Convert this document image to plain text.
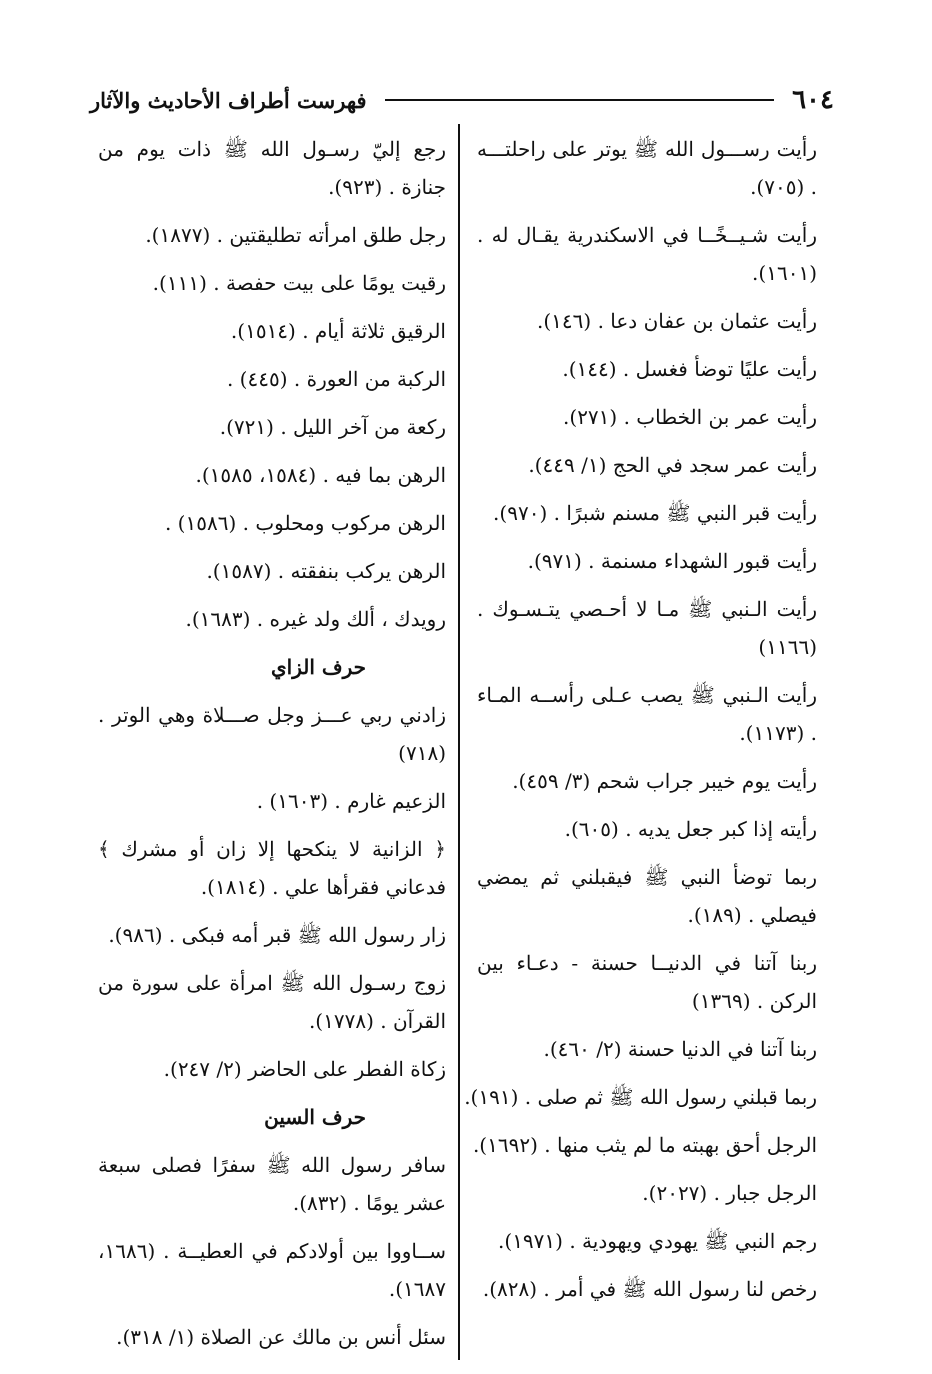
٦٠٤
فهرست أطراف الأحاديث والآثار
رأيت رســـول الله ﷺ يوتر على راحلتـــه . (٧٠٥).
رأيت شـيــخًــا في الاسكندرية يقـال له . (١٦٠١).
رأيت عثمان بن عفان دعا . (١٤٦).
رأيت عليًا توضأ فغسل . (١٤٤).
رأيت عمر بن الخطاب . (٢٧١).
رأيت عمر سجد في الحج (١/ ٤٤٩).
رأيت قبر النبي ﷺ مسنم شبرًا . (٩٧٠).
رأيت قبور الشهداء مسنمة . (٩٧١).
رأيت الـنبي ﷺ مـا لا أحـصي يتـسـوك . (١١٦٦)
رأيت الـنبي ﷺ يصب عـلى رأســه المـاء . (١١٧٣).
رأيت يوم خيبر جراب شحم (٣/ ٤٥٩).
رأيته إذا كبر جعل يديه . (٦٠٥).
ربما توضأ النبي ﷺ فيقبلني ثم يمضي فيصلي . (١٨٩).
ربنا آتنا في الدنيــا حسنة - دعـاء بين الركن . (١٣٦٩)
ربنا آتنا في الدنيا حسنة (٢/ ٤٦٠).
ربما قبلني رسول الله ﷺ ثم صلى . (١٩١).
الرجل أحق بهبته ما لم يثب منها . (١٦٩٢).
الرجل جبار . (٢٠٢٧).
رجم النبي ﷺ يهودي ويهودية . (١٩٧١).
رخص لنا رسول الله ﷺ في أمر . (٨٢٨).
رجع إليّ رسـول الله ﷺ ذات يوم من جنازة . (٩٢٣).
رجل طلق امرأته تطليقتين . (١٨٧٧).
رقيت يومًا على بيت حفصة . (١١١).
الرقيق ثلاثة أيام . (١٥١٤).
الركبة من العورة . (٤٤٥) .
ركعة من آخر الليل . (٧٢١).
الرهن بما فيه . (١٥٨٤، ١٥٨٥).
الرهن مركوب ومحلوب . (١٥٨٦) .
الرهن يركب بنفقته . (١٥٨٧).
رويدك ، ألك ولد غيره . (١٦٨٣).
حرف الزاي
زادني ربي عـــز وجل صـــلاة وهي الوتر . (٧١٨)
الزعيم غارم . (١٦٠٣) .
﴿ الزانية لا ينكحها إلا زان أو مشرك ﴾ فدعاني فقرأها علي . (١٨١٤).
زار رسول الله ﷺ قبر أمه فبكى . (٩٨٦).
زوج رسـول الله ﷺ امرأة على سورة من القرآن . (١٧٧٨).
زكاة الفطر على الحاضر (٢/ ٢٤٧).
حرف السين
سافر رسول الله ﷺ سفرًا فصلى سبعة عشر يومًا . (٨٣٢).
ســاووا بين أولادكم في العطيــة . (١٦٨٦، ١٦٨٧).
سئل أنس بن مالك عن الصلاة (١/ ٣١٨).
